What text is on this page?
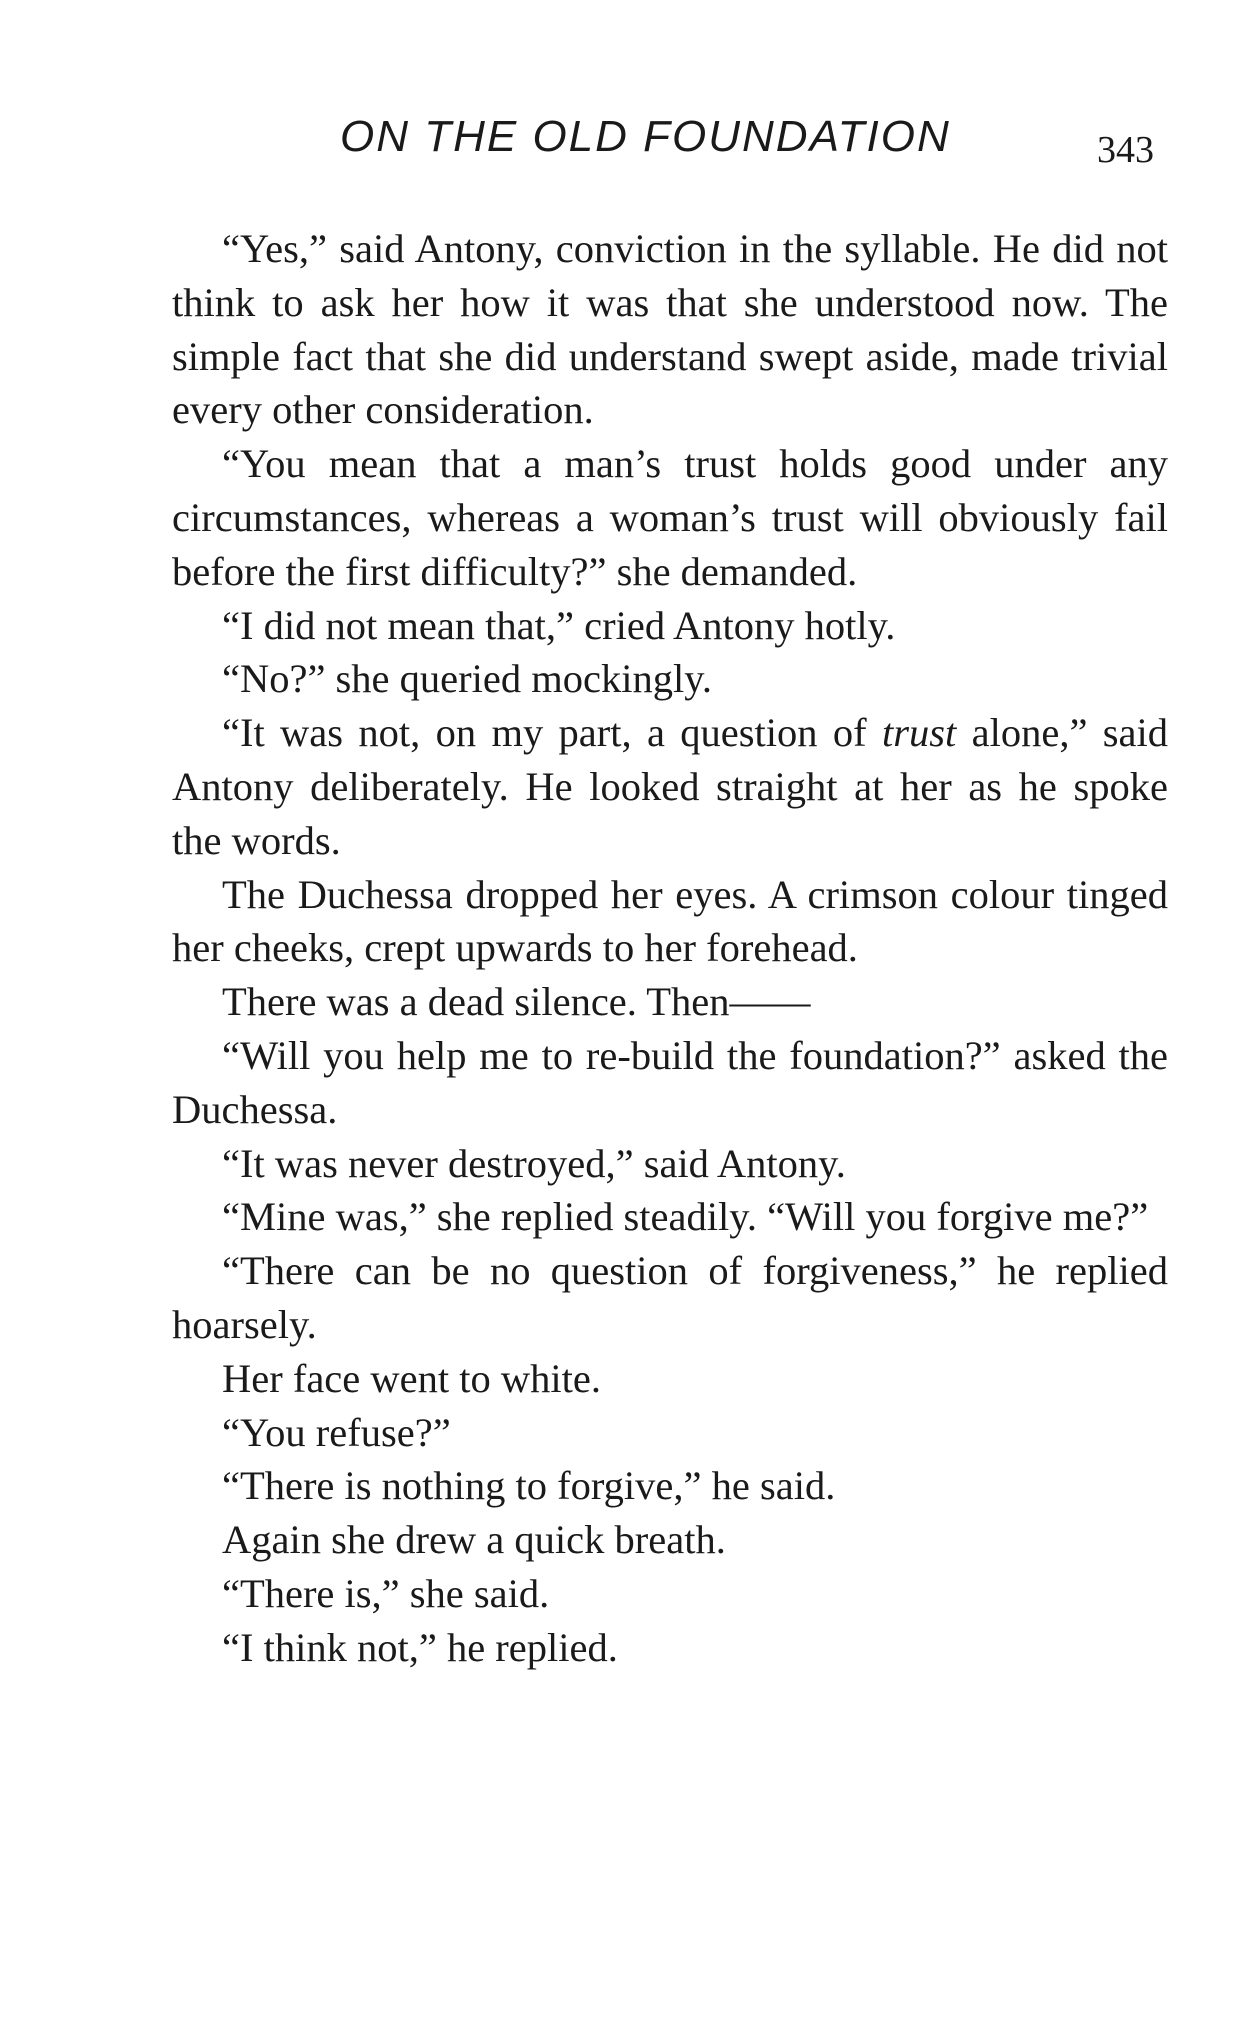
ON THE OLD FOUNDATION	343

“Yes,” said Antony, conviction in the syllable. He did not think to ask her how it was that she understood now. The simple fact that she did understand swept aside, made trivial every other consideration.

“You mean that a man’s trust holds good under any circumstances, whereas a woman’s trust will obviously fail before the first difficulty?” she demanded.

“I did not mean that,” cried Antony hotly.

“No?” she queried mockingly.

“It was not, on my part, a question of trust alone,” said Antony deliberately. He looked straight at her as he spoke the words.

The Duchessa dropped her eyes. A crimson colour tinged her cheeks, crept upwards to her forehead.

There was a dead silence. Then——

“Will you help me to re-build the foundation?” asked the Duchessa.

“It was never destroyed,” said Antony.

“Mine was,” she replied steadily. “Will you forgive me?”

“There can be no question of forgiveness,” he replied hoarsely.

Her face went to white.

“You refuse?”

“There is nothing to forgive,” he said.

Again she drew a quick breath.

“There is,” she said.

“I think not,” he replied.
